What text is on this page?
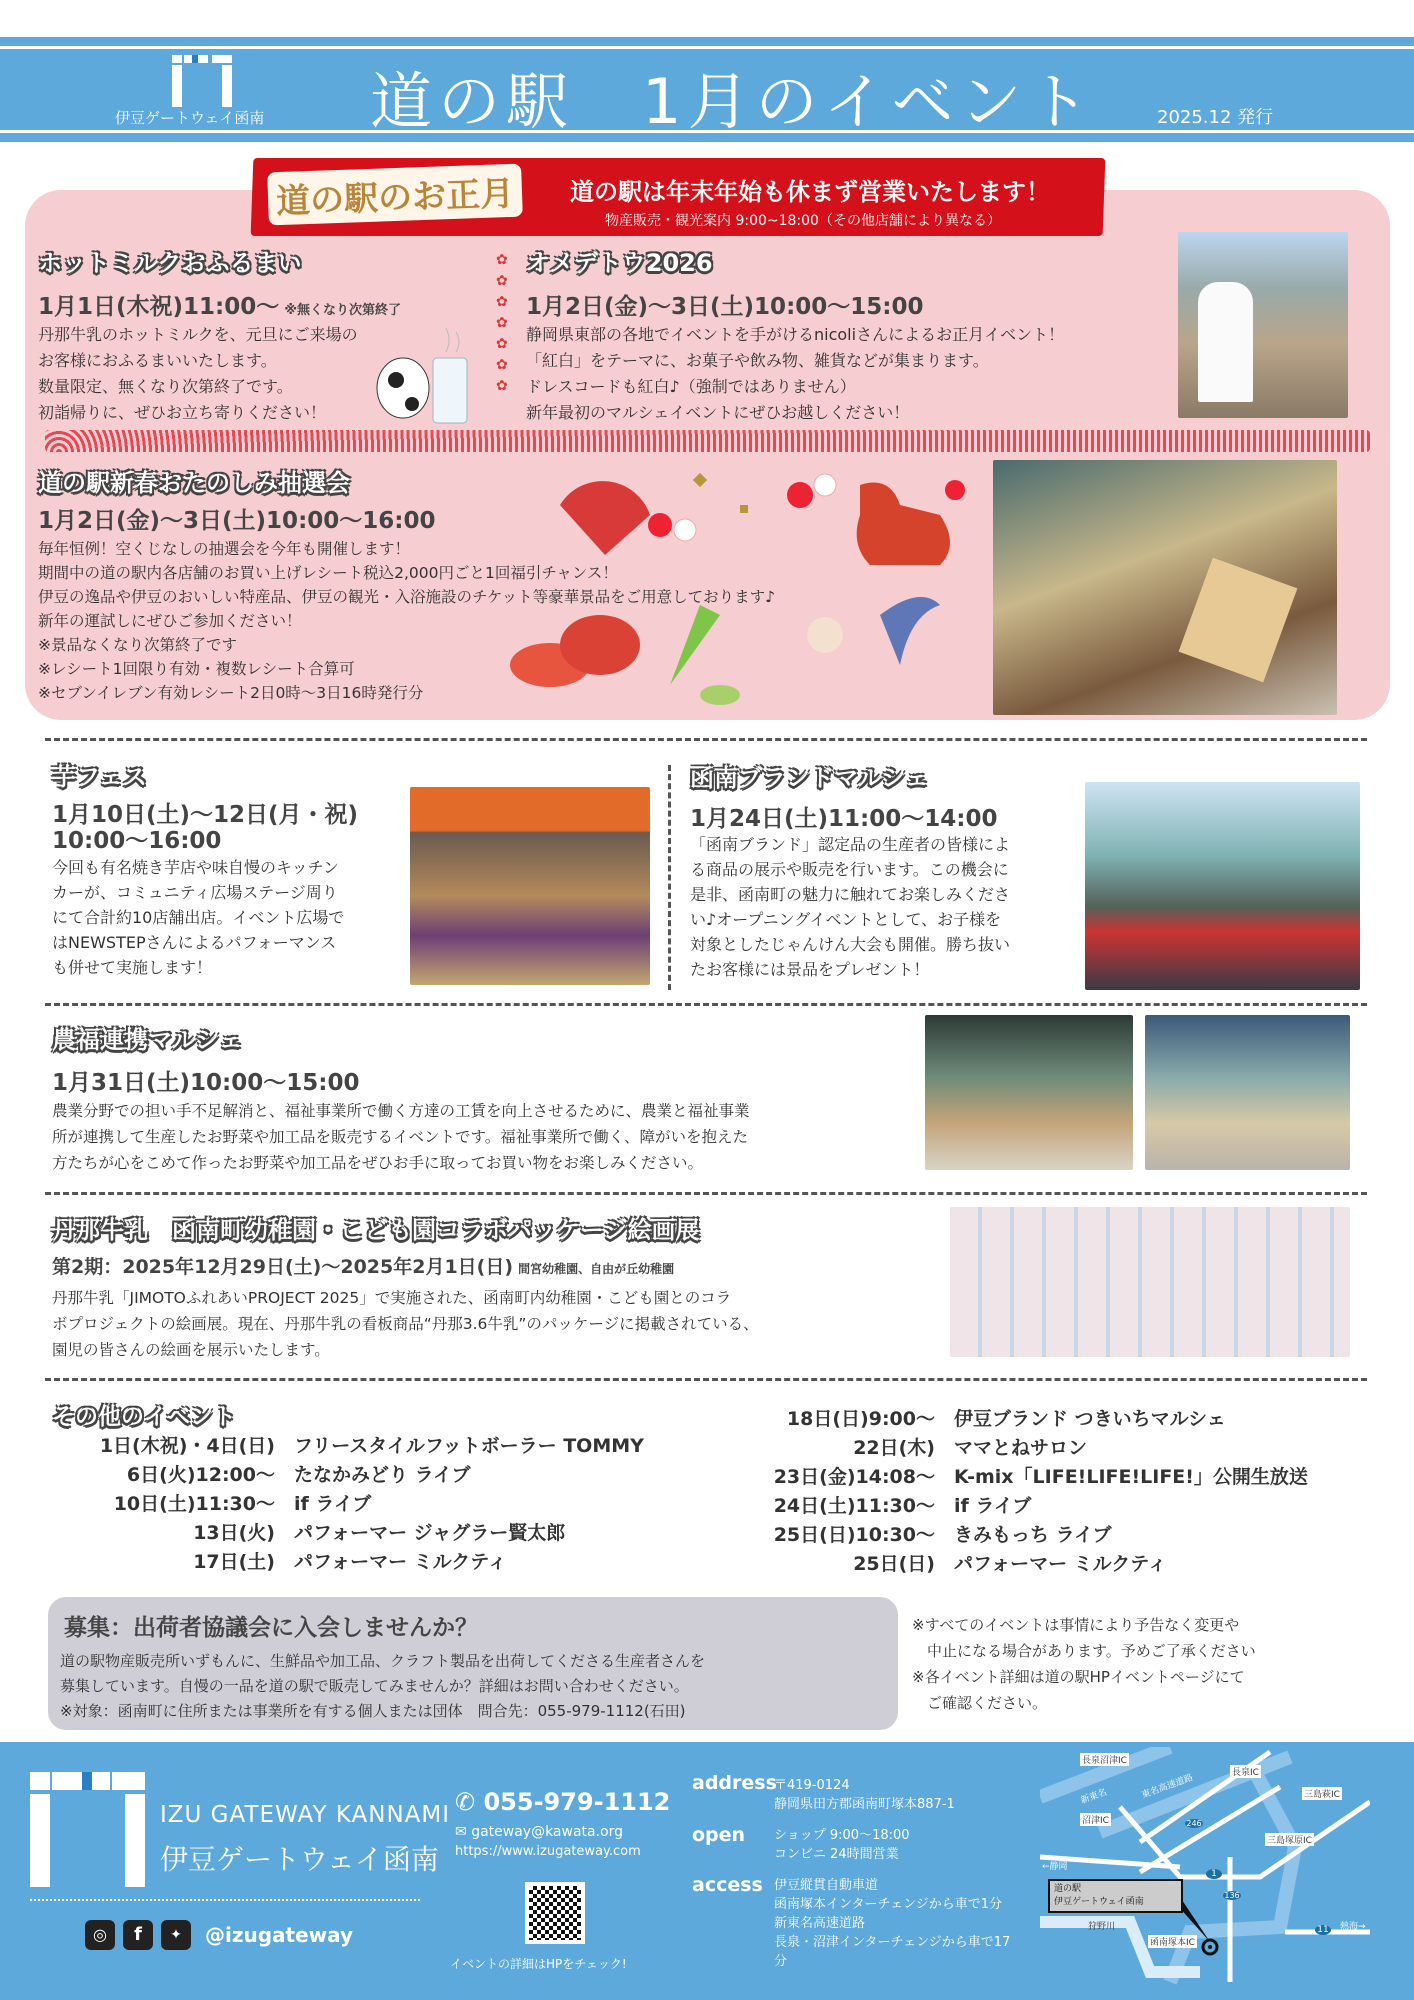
伊豆ゲートウェイ函南 道の駅　1月のイベント	2025.12 発行
道の駅のお正月	道の駅は年末年始も休まず営業いたします！
物産販売・観光案内 9:00~18:00（その他店舗により異なる）
ホットミルクおふるまい
1月1日(木祝)11:00～ ※無くなり次第終了
丹那牛乳のホットミルクを、元旦にご来場の
お客様におふるまいいたします。
数量限定、無くなり次第終了です。
初詣帰りに、ぜひお立ち寄りください！
✿
✿
✿
✿
✿
✿
✿
オメデトウ2026
1月2日(金)～3日(土)10:00～15:00
静岡県東部の各地でイベントを手がけるnicoliさんによるお正月イベント！
「紅白」をテーマに、お菓子や飲み物、雑貨などが集まります。
ドレスコードも紅白♪（強制ではありません）
新年最初のマルシェイベントにぜひお越しください！
道の駅新春おたのしみ抽選会
1月2日(金)～3日(土)10:00～16:00
毎年恒例！空くじなしの抽選会を今年も開催します！
期間中の道の駅内各店舗のお買い上げレシート税込2,000円ごと1回福引チャンス！
伊豆の逸品や伊豆のおいしい特産品、伊豆の観光・入浴施設のチケット等豪華景品をご用意しております♪
新年の運試しにぜひご参加ください！
※景品なくなり次第終了です
※レシート1回限り有効・複数レシート合算可
※セブンイレブン有効レシート2日0時～3日16時発行分
芋フェス
1月10日(土)～12日(月・祝)
10:00～16:00
今回も有名焼き芋店や味自慢のキッチン
カーが、コミュニティ広場ステージ周り
にて合計約10店舗出店。イベント広場で
はNEWSTEPさんによるパフォーマンス
も併せて実施します！
函南ブランドマルシェ
1月24日(土)11:00～14:00
「函南ブランド」認定品の生産者の皆様によ
る商品の展示や販売を行います。この機会に
是非、函南町の魅力に触れてお楽しみくださ
い♪オープニングイベントとして、お子様を
対象としたじゃんけん大会も開催。勝ち抜い
たお客様には景品をプレゼント！
農福連携マルシェ
1月31日(土)10:00～15:00
農業分野での担い手不足解消と、福祉事業所で働く方達の工賃を向上させるために、農業と福祉事業
所が連携して生産したお野菜や加工品を販売するイベントです。福祉事業所で働く、障がいを抱えた
方たちが心をこめて作ったお野菜や加工品をぜひお手に取ってお買い物をお楽しみください。
丹那牛乳　函南町幼稚園・こども園コラボパッケージ絵画展
第2期：2025年12月29日(土)～2025年2月1日(日) 間宮幼稚園、自由が丘幼稚園
丹那牛乳「JIMOTOふれあいPROJECT 2025」で実施された、函南町内幼稚園・こども園とのコラ
ボプロジェクトの絵画展。現在、丹那牛乳の看板商品“丹那3.6牛乳”のパッケージに掲載されている、
園児の皆さんの絵画を展示いたします。
その他のイベント
1日(木祝)・4日(日)　 フリースタイルフットボーラー TOMMY
6日(火)12:00～　 たなかみどり ライブ
10日(土)11:30～　 if ライブ
13日(火)　 パフォーマー ジャグラー賢太郎
17日(土)　 パフォーマー ミルクティ
18日(日)9:00～　 伊豆ブランド つきいちマルシェ
22日(木)　 ママとねサロン
23日(金)14:08～　 K-mix「LIFE!LIFE!LIFE!」公開生放送
24日(土)11:30～　 if ライブ
25日(日)10:30～　 きみもっち ライブ
25日(日)　 パフォーマー ミルクティ
募集：出荷者協議会に入会しませんか？
道の駅物産販売所いずもんに、生鮮品や加工品、クラフト製品を出荷してくださる生産者さんを
募集しています。自慢の一品を道の駅で販売してみませんか？詳細はお問い合わせください。
※対象：函南町に住所または事業所を有する個人または団体　問合先：055-979-1112(石田)
※すべてのイベントは事情により予告なく変更や
　中止になる場合があります。予めご了承ください
※各イベント詳細は道の駅HPイベントページにて
　ご確認ください。
IZU GATEWAY KANNAMI
伊豆ゲートウェイ函南
◎	f	✦	@izugateway
✆ 055-979-1112
✉ gateway@kawata.org
https://www.izugateway.com
イベントの詳細はHPをチェック!
address
〒419-0124
静岡県田方郡函南町塚本887-1
open ショップ 9:00～18:00
コンビニ 24時間営業
access 伊豆縦貫自動車道
函南塚本インターチェンジから車で1分
新東名高速道路
長泉・沼津インターチェンジから車で17分
長泉沼津IC
新東名	東名高速道路	長泉IC
三島萩IC
沼津IC
三島塚原IC
←静岡
1
136
246
11
狩野川
函南塚本IC
熱海→
道の駅
伊豆ゲートウェイ函南
